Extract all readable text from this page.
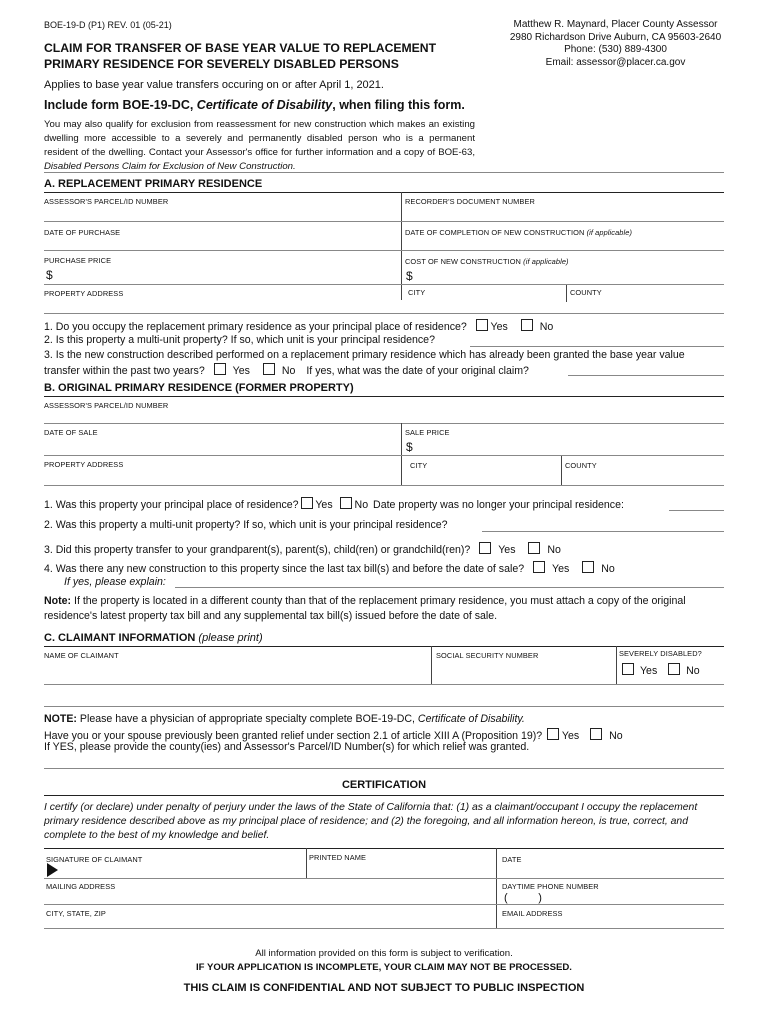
BOE-19-D (P1) REV. 01 (05-21)
CLAIM FOR TRANSFER OF BASE YEAR VALUE TO REPLACEMENT
PRIMARY RESIDENCE FOR SEVERELY DISABLED PERSONS
Matthew R. Maynard, Placer County Assessor
2980 Richardson Drive Auburn, CA 95603-2640
Phone: (530) 889-4300
Email: assessor@placer.ca.gov
Applies to base year value transfers occuring on or after April 1, 2021.
Include form BOE-19-DC, Certificate of Disability, when filing this form.
You may also qualify for exclusion from reassessment for new construction which makes an existing dwelling more accessible to a severely and permanently disabled person who is a permanent resident of the dwelling. Contact your Assessor's office for further information and a copy of BOE-63, Disabled Persons Claim for Exclusion of New Construction.
A. REPLACEMENT PRIMARY RESIDENCE
ASSESSOR'S PARCEL/ID NUMBER	RECORDER'S DOCUMENT NUMBER
DATE OF PURCHASE	DATE OF COMPLETION OF NEW CONSTRUCTION (if applicable)
PURCHASE PRICE	COST OF NEW CONSTRUCTION (if applicable)
$	$
PROPERTY ADDRESS	CITY	COUNTY
1. Do you occupy the replacement primary residence as your principal place of residence? Yes	No
2. Is this property a multi-unit property? If so, which unit is your principal residence?
3. Is the new construction described performed on a replacement primary residence which has already been granted the base year value
transfer within the past two years?	Yes	No If yes, what was the date of your original claim?
B. ORIGINAL PRIMARY RESIDENCE (FORMER PROPERTY)
ASSESSOR'S PARCEL/ID NUMBER
DATE OF SALE	SALE PRICE
$
PROPERTY ADDRESS	CITY	COUNTY
1. Was this property your principal place of residence? Yes No Date property was no longer your principal residence:
2. Was this property a multi-unit property? If so, which unit is your principal residence?
3. Did this property transfer to your grandparent(s), parent(s), child(ren) or grandchild(ren)?	Yes	No
4. Was there any new construction to this property since the last tax bill(s) and before the date of sale?	Yes	No
If yes, please explain:
Note: If the property is located in a different county than that of the replacement primary residence, you must attach a copy of the original residence's latest property tax bill and any supplemental tax bill(s) issued before the date of sale.
C. CLAIMANT INFORMATION (please print)
NAME OF CLAIMANT	SOCIAL SECURITY NUMBER	SEVERELY DISABLED?
Yes	No
NOTE: Please have a physician of appropriate specialty complete BOE-19-DC, Certificate of Disability.
Have you or your spouse previously been granted relief under section 2.1 of article XIII A (Proposition 19)? Yes	No
If YES, please provide the county(ies) and Assessor's Parcel/ID Number(s) for which relief was granted.
CERTIFICATION
I certify (or declare) under penalty of perjury under the laws of the State of California that: (1) as a claimant/occupant I occupy the replacement primary residence described above as my principal place of residence; and (2) the foregoing, and all information hereon, is true, correct, and complete to the best of my knowledge and belief.
SIGNATURE OF CLAIMANT	PRINTED NAME	DATE
MAILING ADDRESS	DAYTIME PHONE NUMBER
(          )
CITY, STATE, ZIP	EMAIL ADDRESS
All information provided on this form is subject to verification.
IF YOUR APPLICATION IS INCOMPLETE, YOUR CLAIM MAY NOT BE PROCESSED.
THIS CLAIM IS CONFIDENTIAL AND NOT SUBJECT TO PUBLIC INSPECTION
